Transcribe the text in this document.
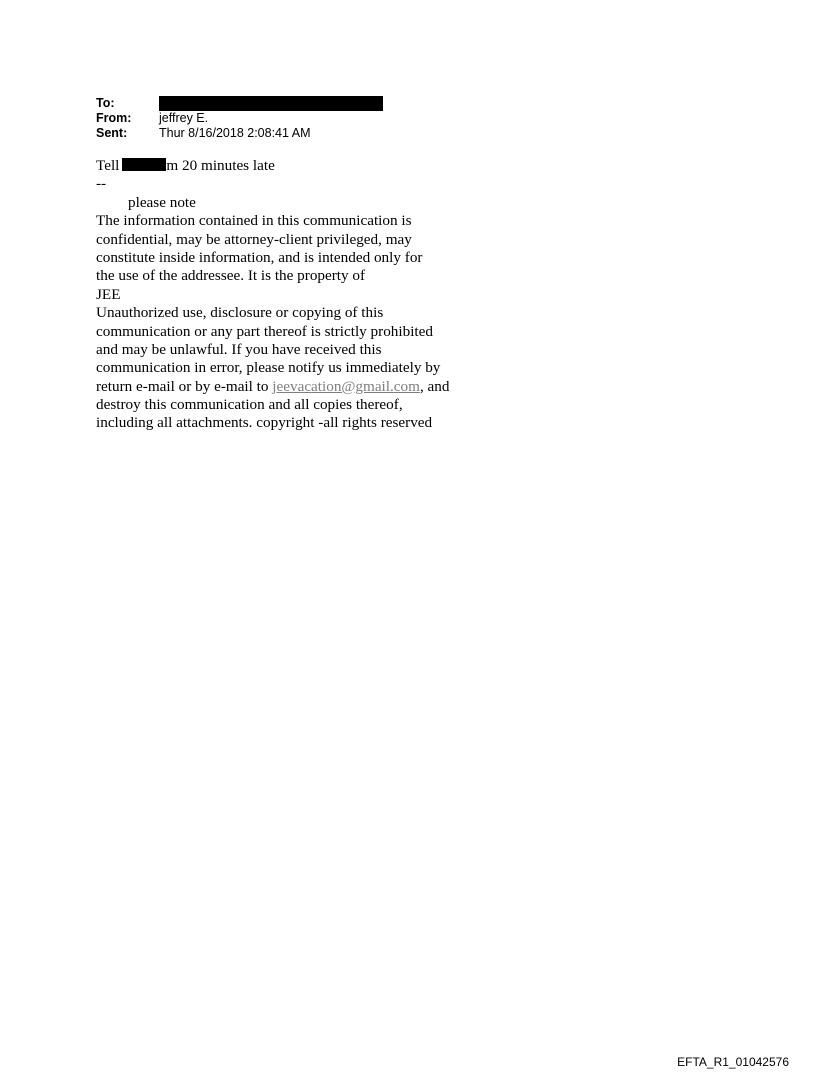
To:
From:	jeffrey E.
Sent:	Thur 8/16/2018 2:08:41 AM
Tell	m 20 minutes late
--
please note
The information contained in this communication is
confidential, may be attorney-client privileged, may
constitute inside information, and is intended only for
the use of the addressee. It is the property of
JEE
Unauthorized use, disclosure or copying of this
communication or any part thereof is strictly prohibited
and may be unlawful. If you have received this
communication in error, please notify us immediately by
return e-mail or by e-mail to jeevacation@gmail.com, and
destroy this communication and all copies thereof,
including all attachments. copyright -all rights reserved
EFTA_R1_01042576
